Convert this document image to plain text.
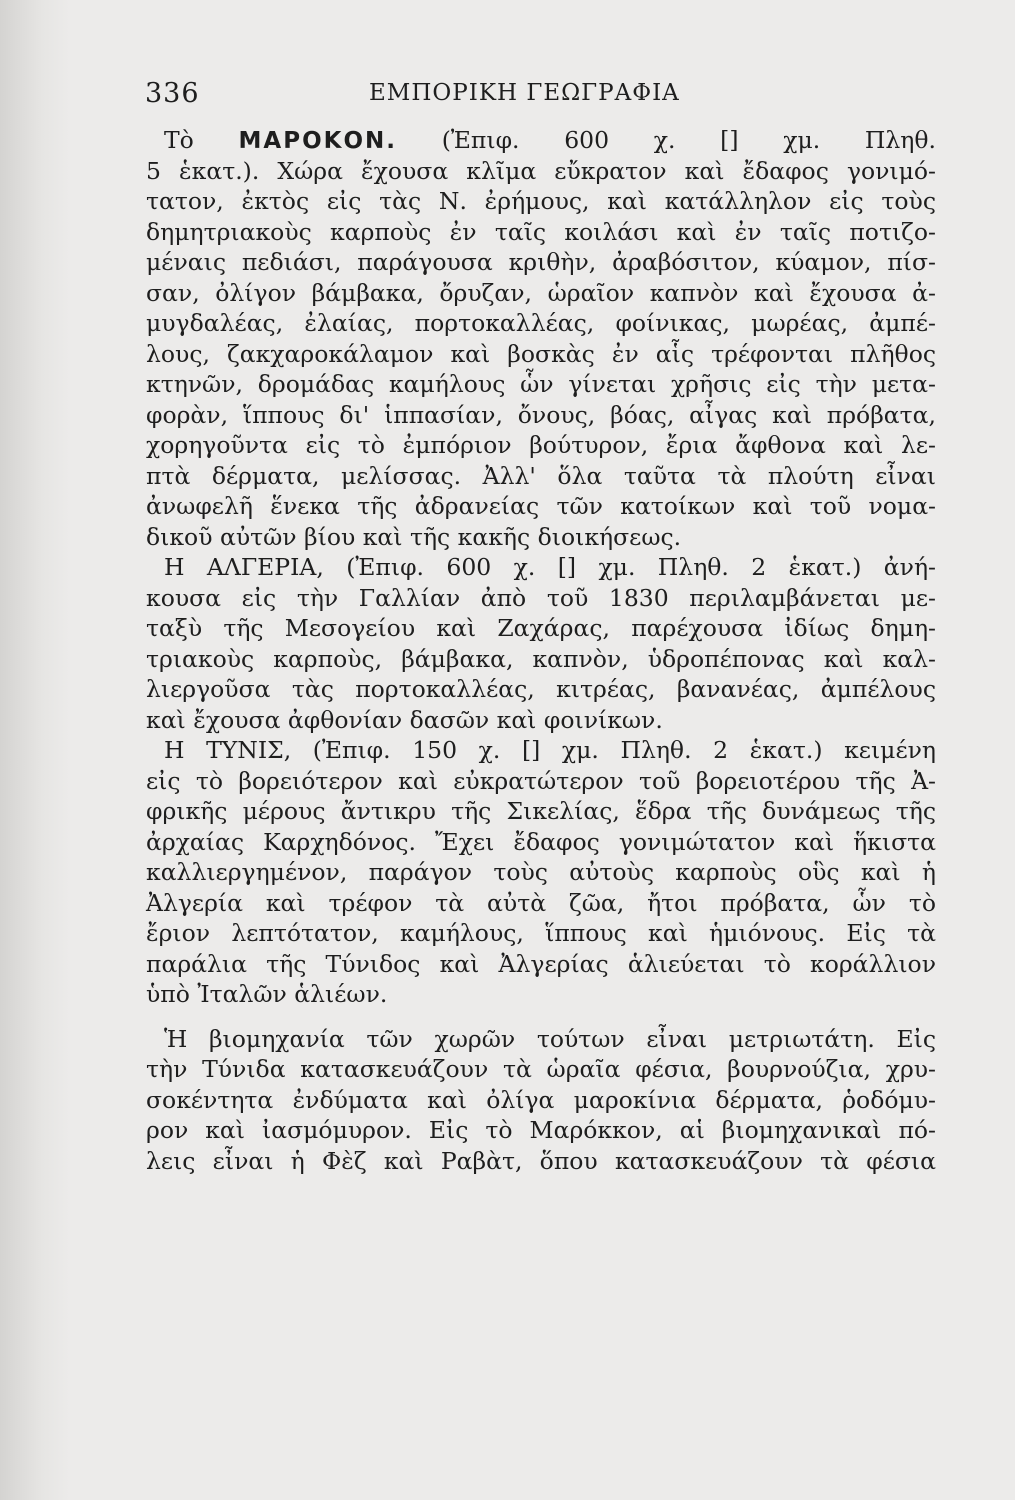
336	ΕΜΠΟΡΙΚΗ ΓΕΩΓΡΑΦΙΑ
Τὸ ΜΑΡΟΚΟΝ. (Ἐπιφ. 600 χ. [] χμ. Πληθ.
5 ἑκατ.). Χώρα ἔχουσα κλῖμα εὔκρατον καὶ ἔδαφος γονιμό-
τατον, ἐκτὸς εἰς τὰς Ν. ἐρήμους, καὶ κατάλληλον εἰς τοὺς
δημητριακοὺς καρποὺς ἐν ταῖς κοιλάσι καὶ ἐν ταῖς ποτιζο-
μέναις πεδιάσι, παράγουσα κριθὴν, ἀραβόσιτον, κύαμον, πίσ-
σαν, ὀλίγον βάμβακα, ὄρυζαν, ὡραῖον καπνὸν καὶ ἔχουσα ἀ-
μυγδαλέας, ἐλαίας, πορτοκαλλέας, φοίνικας, μωρέας, ἀμπέ-
λους, ζακχαροκάλαμον καὶ βοσκὰς ἐν αἷς τρέφονται πλῆθος
κτηνῶν, δρομάδας καμήλους ὧν γίνεται χρῆσις εἰς τὴν μετα-
φορὰν, ἵππους δι' ἱππασίαν, ὄνους, βόας, αἶγας καὶ πρόβατα,
χορηγοῦντα εἰς τὸ ἐμπόριον βούτυρον, ἔρια ἄφθονα καὶ λε-
πτὰ δέρματα, μελίσσας. Ἀλλ' ὅλα ταῦτα τὰ πλούτη εἶναι
ἀνωφελῆ ἕνεκα τῆς ἀδρανείας τῶν κατοίκων καὶ τοῦ νομα-
δικοῦ αὐτῶν βίου καὶ τῆς κακῆς διοικήσεως.
Η ΑΛΓΕΡΙΑ, (Ἐπιφ. 600 χ. [] χμ. Πληθ. 2 ἑκατ.) ἀνή-
κουσα εἰς τὴν Γαλλίαν ἀπὸ τοῦ 1830 περιλαμβάνεται με-
ταξὺ τῆς Μεσογείου καὶ Ζαχάρας, παρέχουσα ἰδίως δημη-
τριακοὺς καρποὺς, βάμβακα, καπνὸν, ὑδροπέπονας καὶ καλ-
λιεργοῦσα τὰς πορτοκαλλέας, κιτρέας, βανανέας, ἀμπέλους
καὶ ἔχουσα ἀφθονίαν δασῶν καὶ φοινίκων.
Η ΤΥΝΙΣ, (Ἐπιφ. 150 χ. [] χμ. Πληθ. 2 ἑκατ.) κειμένη
εἰς τὸ βορειότερον καὶ εὐκρατώτερον τοῦ βορειοτέρου τῆς Ἀ-
φρικῆς μέρους ἄντικρυ τῆς Σικελίας, ἕδρα τῆς δυνάμεως τῆς
ἀρχαίας Καρχηδόνος. Ἔχει ἔδαφος γονιμώτατον καὶ ἥκιστα
καλλιεργημένον, παράγον τοὺς αὐτοὺς καρποὺς οὓς καὶ ἡ
Ἀλγερία καὶ τρέφον τὰ αὐτὰ ζῶα, ἤτοι πρόβατα, ὧν τὸ
ἔριον λεπτότατον, καμήλους, ἵππους καὶ ἡμιόνους. Εἰς τὰ
παράλια τῆς Τύνιδος καὶ Ἀλγερίας ἁλιεύεται τὸ κοράλλιον
ὑπὸ Ἰταλῶν ἁλιέων.
Ἡ βιομηχανία τῶν χωρῶν τούτων εἶναι μετριωτάτη. Εἰς
τὴν Τύνιδα κατασκευάζουν τὰ ὡραῖα φέσια, βουρνούζια, χρυ-
σοκέντητα ἐνδύματα καὶ ὀλίγα μαροκίνια δέρματα, ῥοδόμυ-
ρον καὶ ἰασμόμυρον. Εἰς τὸ Μαρόκκον, αἱ βιομηχανικαὶ πό-
λεις εἶναι ἡ Φὲζ καὶ Ραβὰτ, ὅπου κατασκευάζουν τὰ φέσια
